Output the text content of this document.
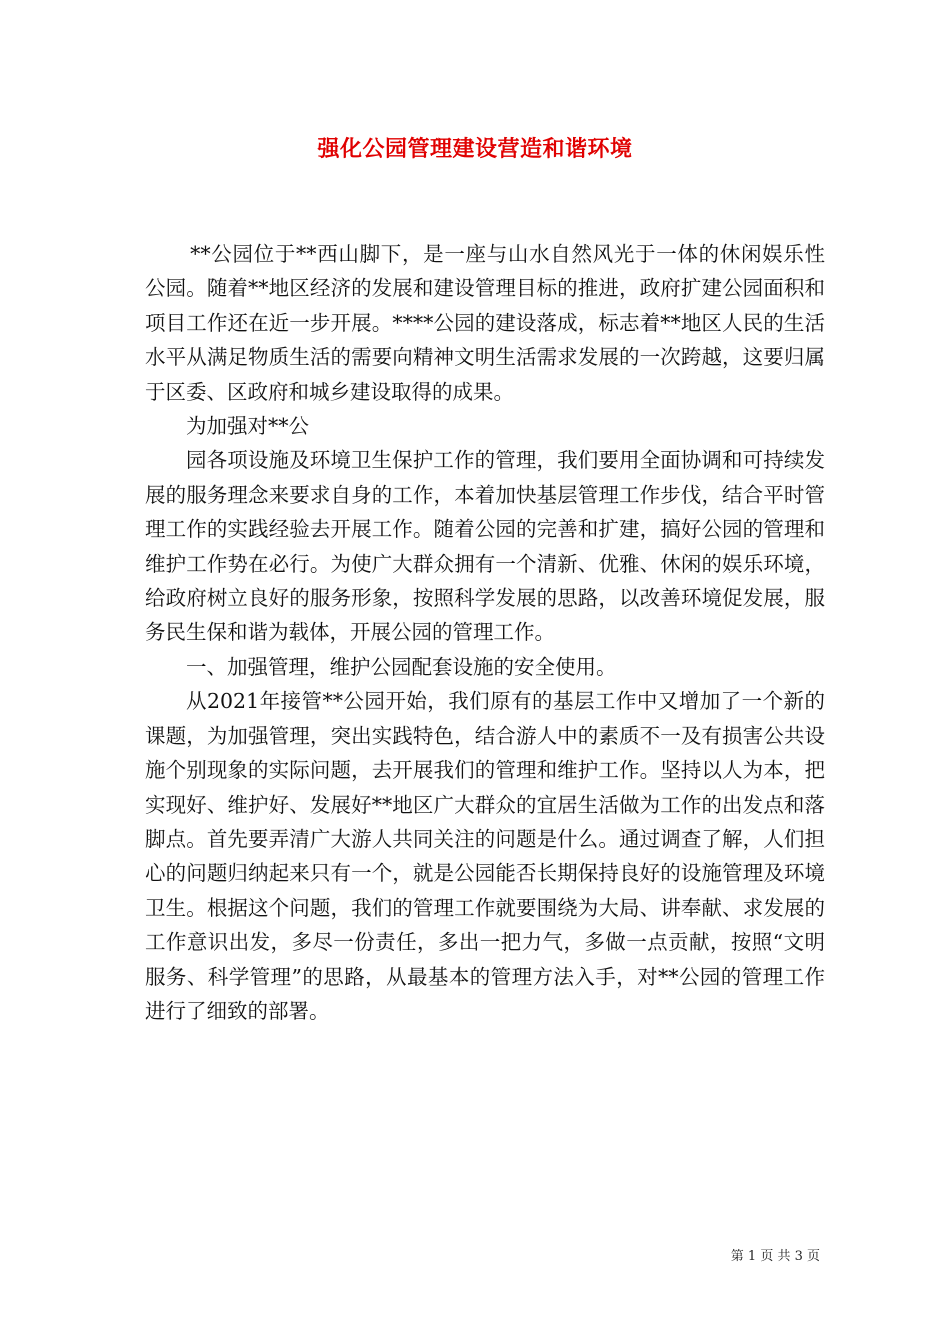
强化公园管理建设营造和谐环境

**公园位于**西山脚下，是一座与山水自然风光于一体的休闲娱乐性公园。随着**地区经济的发展和建设管理目标的推进，政府扩建公园面积和项目工作还在近一步开展。****公园的建设落成，标志着**地区人民的生活水平从满足物质生活的需要向精神文明生活需求发展的一次跨越，这要归属于区委、区政府和城乡建设取得的成果。

为加强对**公

园各项设施及环境卫生保护工作的管理，我们要用全面协调和可持续发展的服务理念来要求自身的工作，本着加快基层管理工作步伐，结合平时管理工作的实践经验去开展工作。随着公园的完善和扩建，搞好公园的管理和维护工作势在必行。为使广大群众拥有一个清新、优雅、休闲的娱乐环境，给政府树立良好的服务形象，按照科学发展的思路，以改善环境促发展，服务民生保和谐为载体，开展公园的管理工作。

一、加强管理，维护公园配套设施的安全使用。

从2021年接管**公园开始，我们原有的基层工作中又增加了一个新的课题，为加强管理，突出实践特色，结合游人中的素质不一及有损害公共设施个别现象的实际问题，去开展我们的管理和维护工作。坚持以人为本，把实现好、维护好、发展好**地区广大群众的宜居生活做为工作的出发点和落脚点。首先要弄清广大游人共同关注的问题是什么。通过调查了解，人们担心的问题归纳起来只有一个，就是公园能否长期保持良好的设施管理及环境卫生。根据这个问题，我们的管理工作就要围绕为大局、讲奉献、求发展的工作意识出发，多尽一份责任，多出一把力气，多做一点贡献，按照“文明服务、科学管理”的思路，从最基本的管理方法入手，对**公园的管理工作进行了细致的部署。

第 1 页 共 3 页
